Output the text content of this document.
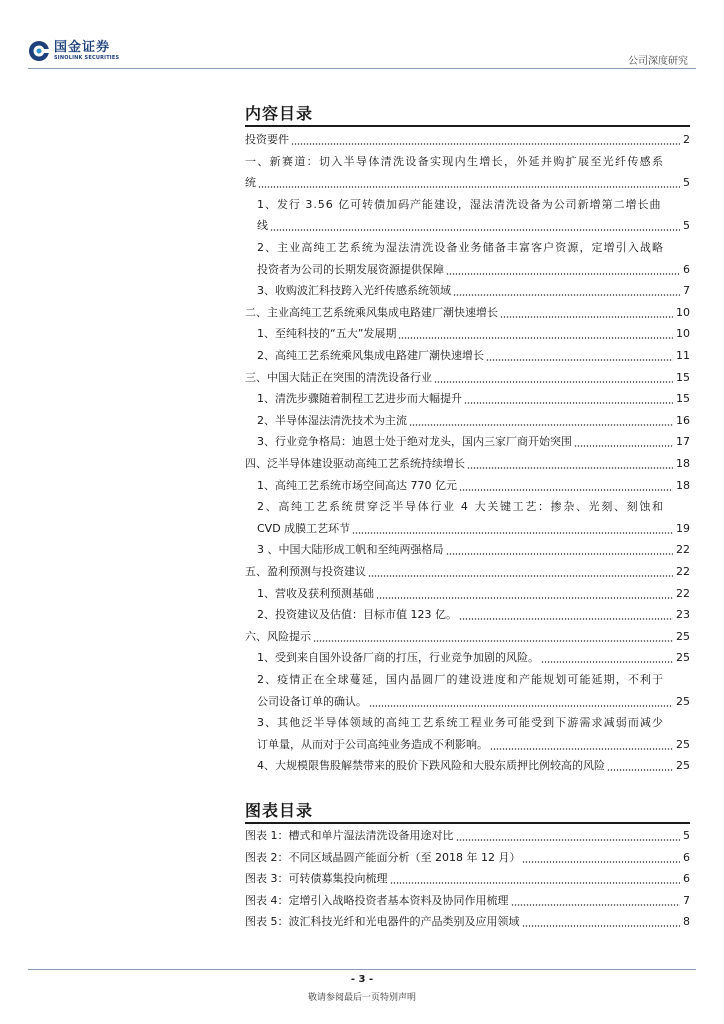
国金证券
SINOLINK SECURITIES	公司深度研究
内容目录
投资要件	2
一、新赛道：切入半导体清洗设备实现内生增长，外延并购扩展至光纤传感系
统	5
1、发行 3.56 亿可转债加码产能建设，湿法清洗设备为公司新增第二增长曲
线	5
2、主业高纯工艺系统为湿法清洗设备业务储备丰富客户资源，定增引入战略
投资者为公司的长期发展资源提供保障	6
3、收购波汇科技跨入光纤传感系统领域	7
二、主业高纯工艺系统乘风集成电路建厂潮快速增长	10
1、至纯科技的“五大”发展期	10
2、高纯工艺系统乘风集成电路建厂潮快速增长	11
三、中国大陆正在突围的清洗设备行业	15
1、清洗步骤随着制程工艺进步而大幅提升	15
2、半导体湿法清洗技术为主流	16
3、行业竞争格局：迪恩士处于绝对龙头，国内三家厂商开始突围	17
四、泛半导体建设驱动高纯工艺系统持续增长	18
1、高纯工艺系统市场空间高达 770 亿元	18
2、高纯工艺系统贯穿泛半导体行业 4 大关键工艺：掺杂、光刻、刻蚀和
CVD 成膜工艺环节	19
3 、中国大陆形成工帆和至纯两强格局	22
五、盈利预测与投资建议	22
1、营收及获利预测基础	22
2、投资建议及估值：目标市值 123 亿。	23
六、风险提示	25
1、受到来自国外设备厂商的打压，行业竞争加剧的风险。	25
2、疫情正在全球蔓延，国内晶圆厂的建设进度和产能规划可能延期，不利于
公司设备订单的确认。	25
3、其他泛半导体领域的高纯工艺系统工程业务可能受到下游需求减弱而减少
订单量，从而对于公司高纯业务造成不利影响。	25
4、大规模限售股解禁带来的股价下跌风险和大股东质押比例较高的风险	25
图表目录
图表 1：槽式和单片湿法清洗设备用途对比	5
图表 2：不同区域晶圆产能面分析（至 2018 年 12 月）	6
图表 3：可转债募集投向梳理	6
图表 4：定增引入战略投资者基本资料及协同作用梳理	7
图表 5：波汇科技光纤和光电器件的产品类别及应用领域	8
- 3 -
敬请参阅最后一页特别声明
